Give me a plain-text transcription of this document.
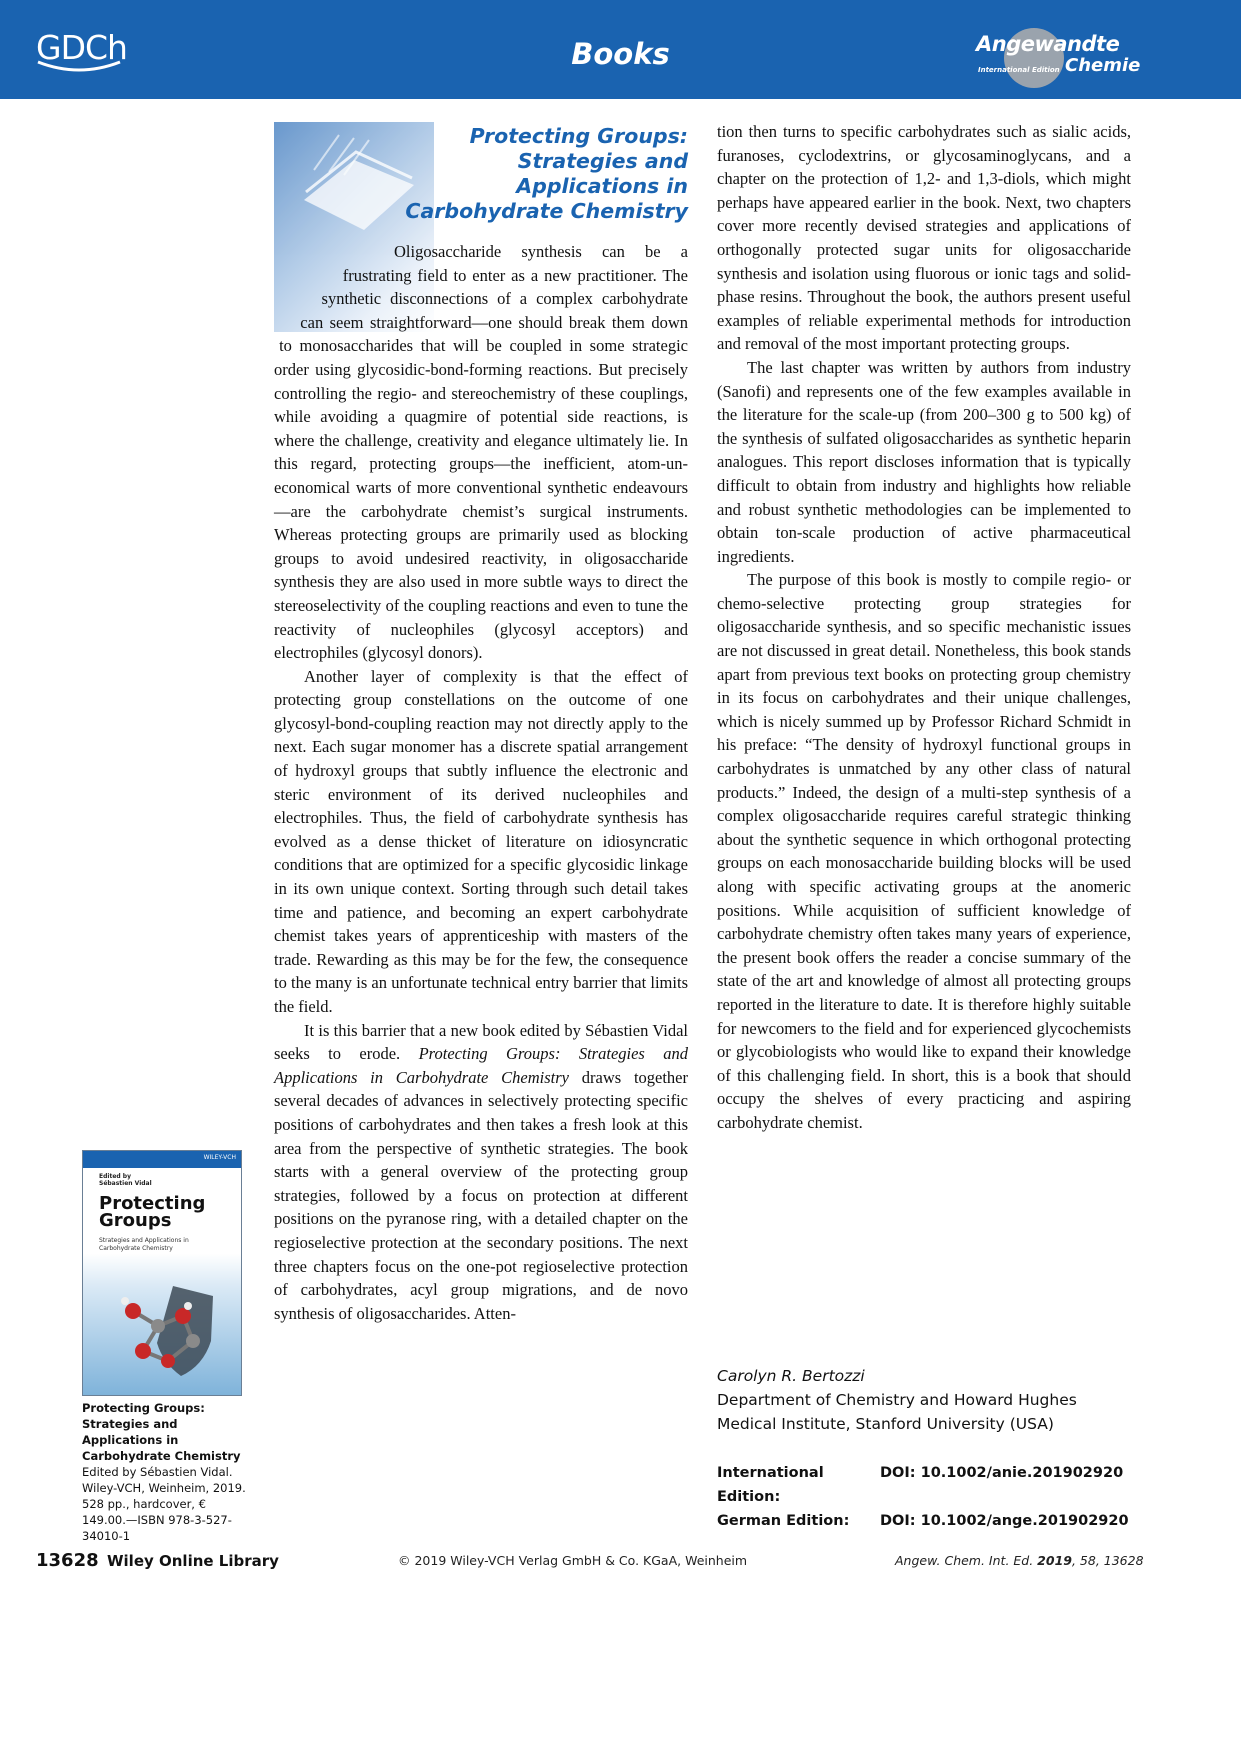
GDCh	Books	Angewandte
International Edition Chemie
Protecting Groups: Strategies and Applications in Carbohydrate Chemistry

Oligosaccharide synthesis can be a frustrating field to enter as a new practitioner. The synthetic disconnections of a complex carbohydrate can seem straightforward—one should break them down to monosaccharides that will be coupled in some strategic order using glycosidic-bond-forming reactions. But precisely controlling the regio- and stereochemistry of these couplings, while avoiding a quagmire of potential side reactions, is where the challenge, creativity and elegance ultimately lie. In this regard, protecting groups—the inefficient, atom-un-economical warts of more conventional synthetic endeavours—are the carbohydrate chemist’s surgical instruments. Whereas protecting groups are primarily used as blocking groups to avoid undesired reactivity, in oligosaccharide synthesis they are also used in more subtle ways to direct the stereoselectivity of the coupling reactions and even to tune the reactivity of nucleophiles (glycosyl acceptors) and electrophiles (glycosyl donors).

Another layer of complexity is that the effect of protecting group constellations on the outcome of one glycosyl-bond-coupling reaction may not directly apply to the next. Each sugar monomer has a discrete spatial arrangement of hydroxyl groups that subtly influence the electronic and steric environment of its derived nucleophiles and electrophiles. Thus, the field of carbohydrate synthesis has evolved as a dense thicket of literature on idiosyncratic conditions that are optimized for a specific glycosidic linkage in its own unique context. Sorting through such detail takes time and patience, and becoming an expert carbohydrate chemist takes years of apprenticeship with masters of the trade. Rewarding as this may be for the few, the consequence to the many is an unfortunate technical entry barrier that limits the field.

It is this barrier that a new book edited by Sébastien Vidal seeks to erode. Protecting Groups: Strategies and Applications in Carbohydrate Chemistry draws together several decades of advances in selectively protecting specific positions of carbohydrates and then takes a fresh look at this area from the perspective of synthetic strategies. The book starts with a general overview of the protecting group strategies, followed by a focus on protection at different positions on the pyranose ring, with a detailed chapter on the regioselective protection at the secondary positions. The next three chapters focus on the one-pot regioselective protection of carbohydrates, acyl group migrations, and de novo synthesis of oligosaccharides. Atten-

tion then turns to specific carbohydrates such as sialic acids, furanoses, cyclodextrins, or glycosaminoglycans, and a chapter on the protection of 1,2- and 1,3-diols, which might perhaps have appeared earlier in the book. Next, two chapters cover more recently devised strategies and applications of orthogonally protected sugar units for oligosaccharide synthesis and isolation using fluorous or ionic tags and solid-phase resins. Throughout the book, the authors present useful examples of reliable experimental methods for introduction and removal of the most important protecting groups.

The last chapter was written by authors from industry (Sanofi) and represents one of the few examples available in the literature for the scale-up (from 200–300 g to 500 kg) of the synthesis of sulfated oligosaccharides as synthetic heparin analogues. This report discloses information that is typically difficult to obtain from industry and highlights how reliable and robust synthetic methodologies can be implemented to obtain ton-scale production of active pharmaceutical ingredients.

The purpose of this book is mostly to compile regio- or chemo-selective protecting group strategies for oligosaccharide synthesis, and so specific mechanistic issues are not discussed in great detail. Nonetheless, this book stands apart from previous text books on protecting group chemistry in its focus on carbohydrates and their unique challenges, which is nicely summed up by Professor Richard Schmidt in his preface: “The density of hydroxyl functional groups in carbohydrates is unmatched by any other class of natural products.” Indeed, the design of a multi-step synthesis of a complex oligosaccharide requires careful strategic thinking about the synthetic sequence in which orthogonal protecting groups on each monosaccharide building blocks will be used along with specific activating groups at the anomeric positions. While acquisition of sufficient knowledge of carbohydrate chemistry often takes many years of experience, the present book offers the reader a concise summary of the state of the art and knowledge of almost all protecting groups reported in the literature to date. It is therefore highly suitable for newcomers to the field and for experienced glycochemists or glycobiologists who would like to expand their knowledge of this challenging field. In short, this is a book that should occupy the shelves of every practicing and aspiring carbohydrate chemist.

Carolyn R. Bertozzi
Department of Chemistry and Howard Hughes Medical Institute, Stanford University (USA)
International Edition:
DOI: 10.1002/anie.201902920
German Edition:	DOI: 10.1002/ange.201902920
WILEY-VCH
Edited by
Sébastien Vidal
Protecting
Groups
Strategies and Applications in Carbohydrate Chemistry
Protecting Groups: Strategies and Applications in Carbohydrate Chemistry
Edited by Sébastien Vidal. Wiley-VCH, Weinheim, 2019. 528 pp., hardcover, € 149.00.—ISBN 978-3-527-34010-1
13628 Wiley Online Library	© 2019 Wiley-VCH Verlag GmbH & Co. KGaA, Weinheim	Angew. Chem. Int. Ed. 2019, 58, 13628
